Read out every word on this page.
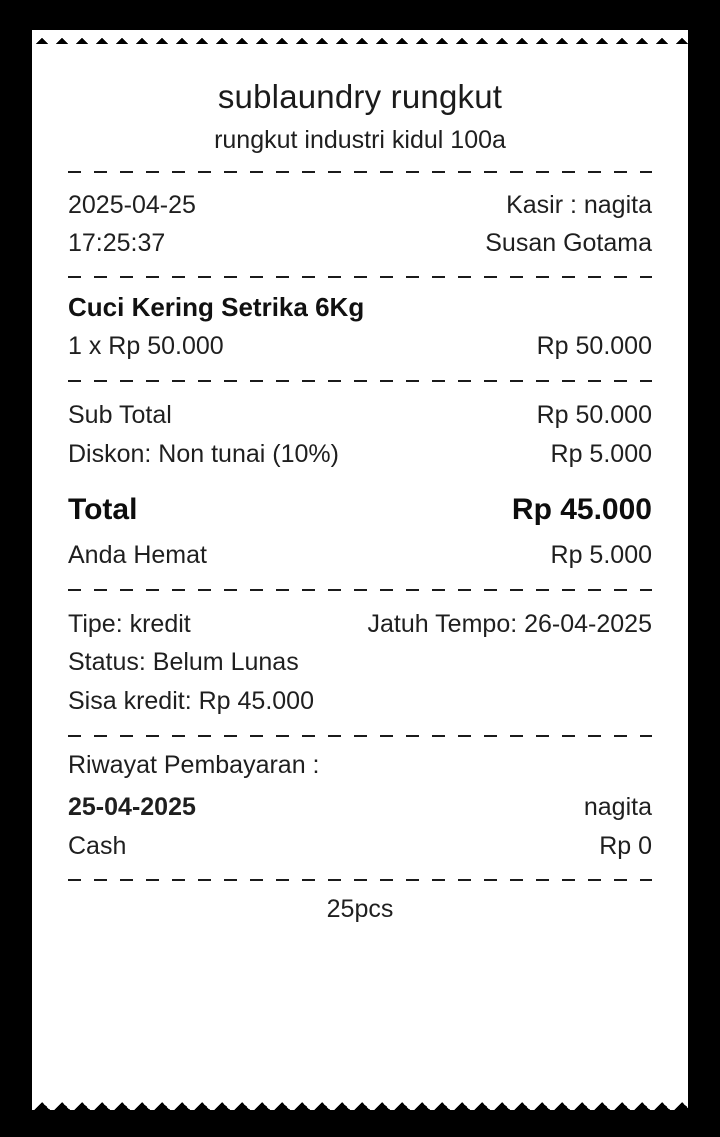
sublaundry rungkut
rungkut industri kidul 100a
2025-04-25	Kasir : nagita
17:25:37	Susan Gotama
Cuci Kering Setrika 6Kg
1 x Rp 50.000	Rp 50.000
Sub Total	Rp 50.000
Diskon: Non tunai (10%)	Rp 5.000
Total	Rp 45.000
Anda Hemat	Rp 5.000
Tipe: kredit	Jatuh Tempo: 26-04-2025
Status: Belum Lunas
Sisa kredit: Rp 45.000
Riwayat Pembayaran :
25-04-2025	nagita
Cash	Rp 0
25pcs
